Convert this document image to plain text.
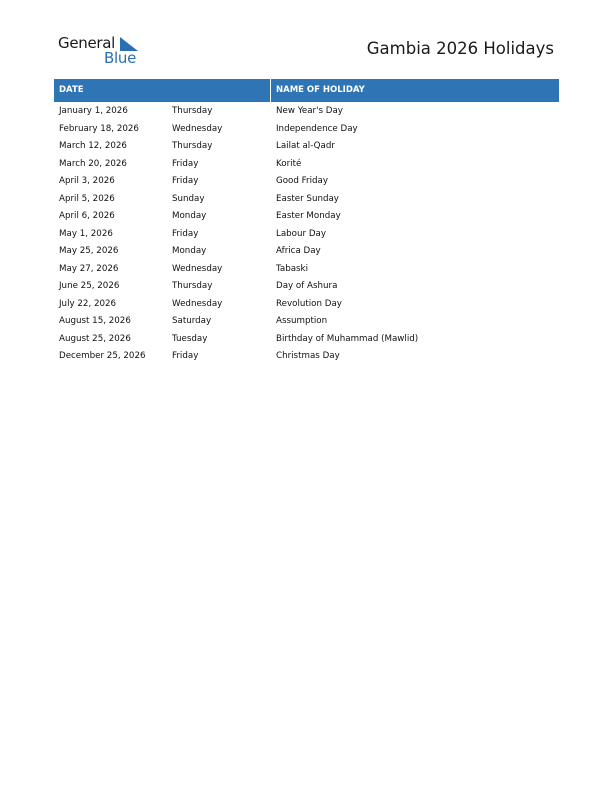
General
Blue	Gambia 2026 Holidays
DATE	NAME OF HOLIDAY
January 1, 2026	Thursday	New Year's Day
February 18, 2026	Wednesday	Independence Day
March 12, 2026	Thursday	Lailat al-Qadr
March 20, 2026	Friday	Korité
April 3, 2026	Friday	Good Friday
April 5, 2026	Sunday	Easter Sunday
April 6, 2026	Monday	Easter Monday
May 1, 2026	Friday	Labour Day
May 25, 2026	Monday	Africa Day
May 27, 2026	Wednesday	Tabaski
June 25, 2026	Thursday	Day of Ashura
July 22, 2026	Wednesday	Revolution Day
August 15, 2026	Saturday	Assumption
August 25, 2026	Tuesday	Birthday of Muhammad (Mawlid)
December 25, 2026	Friday	Christmas Day
